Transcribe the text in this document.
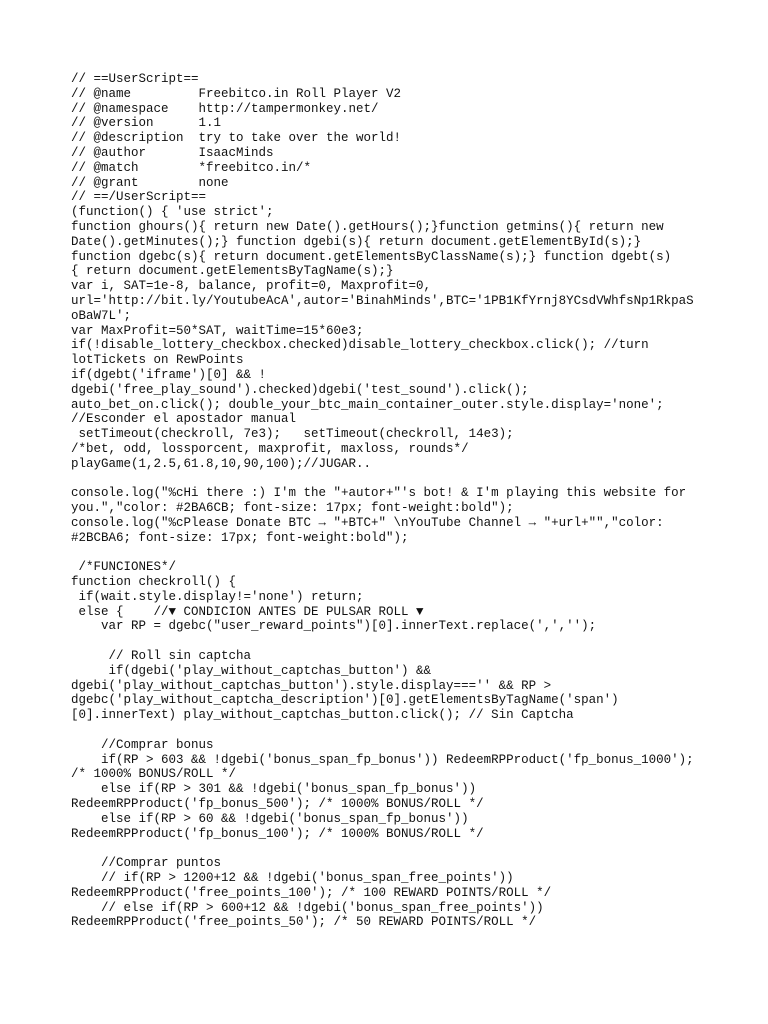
// ==UserScript==
// @name         Freebitco.in Roll Player V2
// @namespace    http://tampermonkey.net/
// @version      1.1
// @description  try to take over the world!
// @author       IsaacMinds
// @match        *freebitco.in/*
// @grant        none
// ==/UserScript==
(function() { 'use strict';
function ghours(){ return new Date().getHours();}function getmins(){ return new
Date().getMinutes();} function dgebi(s){ return document.getElementById(s);}
function dgebc(s){ return document.getElementsByClassName(s);} function dgebt(s)
{ return document.getElementsByTagName(s);}
var i, SAT=1e-8, balance, profit=0, Maxprofit=0,
url='http://bit.ly/YoutubeAcA',autor='BinahMinds',BTC='1PB1KfYrnj8YCsdVWhfsNp1RkpaS
oBaW7L';
var MaxProfit=50*SAT, waitTime=15*60e3;
if(!disable_lottery_checkbox.checked)disable_lottery_checkbox.click(); //turn
lotTickets on RewPoints
if(dgebt('iframe')[0] && !
dgebi('free_play_sound').checked)dgebi('test_sound').click();
auto_bet_on.click(); double_your_btc_main_container_outer.style.display='none';
//Esconder el apostador manual
setTimeout(checkroll, 7e3);   setTimeout(checkroll, 14e3);
/*bet, odd, lossporcent, maxprofit, maxloss, rounds*/
playGame(1,2.5,61.8,10,90,100);//JUGAR..
console.log("%cHi there :) I'm the "+autor+"'s bot! & I'm playing this website for
you.","color: #2BA6CB; font-size: 17px; font-weight:bold");
console.log("%cPlease Donate BTC → "+BTC+" \nYouTube Channel → "+url+"","color:
#2BCBA6; font-size: 17px; font-weight:bold");
/*FUNCIONES*/
function checkroll() {
if(wait.style.display!='none') return;
else {    //▼ CONDICION ANTES DE PULSAR ROLL ▼
var RP = dgebc("user_reward_points")[0].innerText.replace(',','');
// Roll sin captcha
if(dgebi('play_without_captchas_button') &&
dgebi('play_without_captchas_button').style.display==='' && RP >
dgebc('play_without_captcha_description')[0].getElementsByTagName('span')
[0].innerText) play_without_captchas_button.click(); // Sin Captcha
//Comprar bonus
if(RP > 603 && !dgebi('bonus_span_fp_bonus')) RedeemRPProduct('fp_bonus_1000');
/* 1000% BONUS/ROLL */
else if(RP > 301 && !dgebi('bonus_span_fp_bonus'))
RedeemRPProduct('fp_bonus_500'); /* 1000% BONUS/ROLL */
else if(RP > 60 && !dgebi('bonus_span_fp_bonus'))
RedeemRPProduct('fp_bonus_100'); /* 1000% BONUS/ROLL */
//Comprar puntos
// if(RP > 1200+12 && !dgebi('bonus_span_free_points'))
RedeemRPProduct('free_points_100'); /* 100 REWARD POINTS/ROLL */
// else if(RP > 600+12 && !dgebi('bonus_span_free_points'))
RedeemRPProduct('free_points_50'); /* 50 REWARD POINTS/ROLL */
